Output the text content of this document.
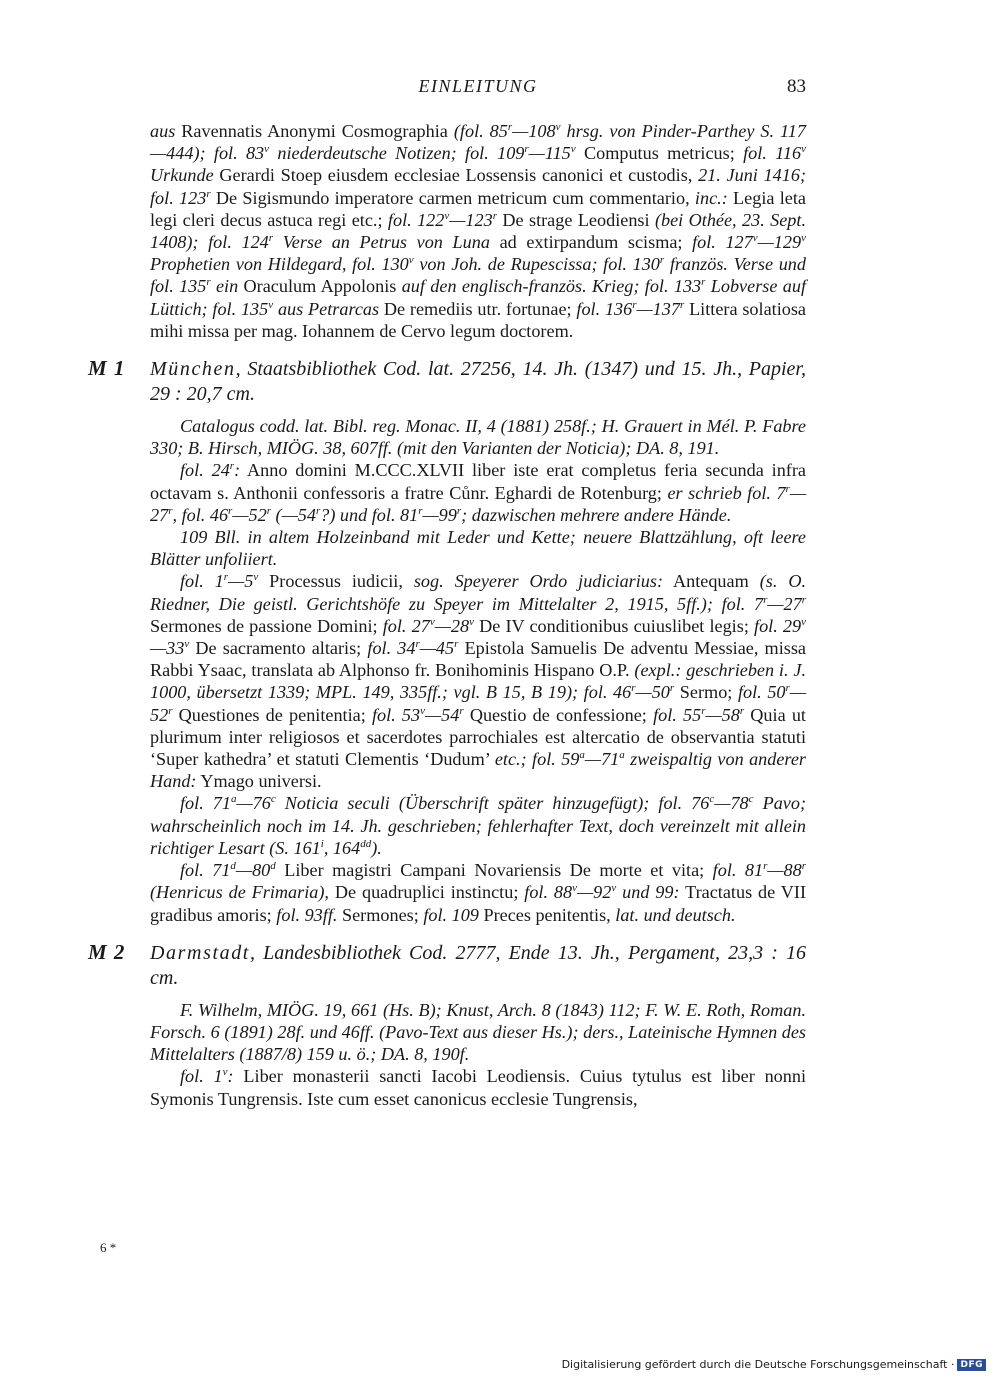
EINLEITUNG	83

aus Ravennatis Anonymi Cosmographia (fol. 85$^r$—108$^v$ hrsg. von Pinder-Parthey S. 117—444); fol. 83$^v$ niederdeutsche Notizen; fol. 109$^r$—115$^v$ Computus metricus; fol. 116$^v$ Urkunde Gerardi Stoep eiusdem ecclesiae Lossensis canonici et custodis, 21. Juni 1416; fol. 123$^r$ De Sigismundo imperatore carmen metricum cum commentario, inc.: Legia leta legi cleri decus astuca regi etc.; fol. 122$^v$—123$^r$ De strage Leodiensi (bei Othée, 23. Sept. 1408); fol. 124$^r$ Verse an Petrus von Luna ad extirpandum scisma; fol. 127$^v$—129$^v$ Prophetien von Hildegard, fol. 130$^v$ von Joh. de Rupescissa; fol. 130$^r$ französ. Verse und fol. 135$^r$ ein Oraculum Appolonis auf den englisch-französ. Krieg; fol. 133$^r$ Lobverse auf Lüttich; fol. 135$^v$ aus Petrarcas De remediis utr. fortunae; fol. 136$^r$—137$^r$ Littera solatiosa mihi missa per mag. Iohannem de Cervo legum doctorem.

M 1 München, Staatsbibliothek Cod. lat. 27256, 14. Jh. (1347) und 15. Jh., Papier, 29 : 20,7 cm.

Catalogus codd. lat. Bibl. reg. Monac. II, 4 (1881) 258f.; H. Grauert in Mél. P. Fabre 330; B. Hirsch, MIÖG. 38, 607ff. (mit den Varianten der Noticia); DA. 8, 191.

fol. 24$^r$: Anno domini M.CCC.XLVII liber iste erat completus feria secunda infra octavam s. Anthonii confessoris a fratre Cůnr. Eghardi de Rotenburg; er schrieb fol. 7$^r$—27$^r$, fol. 46$^r$—52$^r$ (—54$^r$?) und fol. 81$^r$—99$^r$; dazwischen mehrere andere Hände.

109 Bll. in altem Holzeinband mit Leder und Kette; neuere Blattzählung, oft leere Blätter unfoliiert.

fol. 1$^r$—5$^v$ Processus iudicii, sog. Speyerer Ordo judiciarius: Antequam (s. O. Riedner, Die geistl. Gerichtshöfe zu Speyer im Mittelalter 2, 1915, 5ff.); fol. 7$^r$—27$^r$ Sermones de passione Domini; fol. 27$^v$—28$^v$ De IV conditionibus cuiuslibet legis; fol. 29$^v$—33$^v$ De sacramento altaris; fol. 34$^r$—45$^r$ Epistola Samuelis De adventu Messiae, missa Rabbi Ysaac, translata ab Alphonso fr. Bonihominis Hispano O.P. (expl.: geschrieben i. J. 1000, übersetzt 1339; MPL. 149, 335ff.; vgl. B 15, B 19); fol. 46$^r$—50$^r$ Sermo; fol. 50$^r$—52$^r$ Questiones de penitentia; fol. 53$^v$—54$^r$ Questio de confessione; fol. 55$^r$—58$^r$ Quia ut plurimum inter religiosos et sacerdotes parrochiales est altercatio de observantia statuti ‘Super kathedra’ et statuti Clementis ‘Dudum’ etc.; fol. 59$^a$—71$^a$ zweispaltig von anderer Hand: Ymago universi.

fol. 71$^a$—76$^c$ Noticia seculi (Überschrift später hinzugefügt); fol. 76$^c$—78$^c$ Pavo; wahrscheinlich noch im 14. Jh. geschrieben; fehlerhafter Text, doch vereinzelt mit allein richtiger Lesart (S. 161$^i$, $164^{dd}$).

fol. 71$^d$—80$^d$ Liber magistri Campani Novariensis De morte et vita; fol. 81$^r$—88$^r$ (Henricus de Frimaria), De quadruplici instinctu; fol. 88$^v$—92$^v$ und 99: Tractatus de VII gradibus amoris; fol. 93ff. Sermones; fol. 109 Preces penitentis, lat. und deutsch.

M 2 Darmstadt, Landesbibliothek Cod. 2777, Ende 13. Jh., Pergament, 23,3 : 16 cm.

F. Wilhelm, MIÖG. 19, 661 (Hs. B); Knust, Arch. 8 (1843) 112; F. W. E. Roth, Roman. Forsch. 6 (1891) 28f. und 46ff. (Pavo-Text aus dieser Hs.); ders., Lateinische Hymnen des Mittelalters (1887/8) 159 u. ö.; DA. 8, 190f.

fol. 1$^v$: Liber monasterii sancti Iacobi Leodiensis. Cuius tytulus est liber nonni Symonis Tungrensis. Iste cum esset canonicus ecclesie Tungrensis,

6 *
Digitalisierung gefördert durch die Deutsche Forschungsgemeinschaft · DFG
